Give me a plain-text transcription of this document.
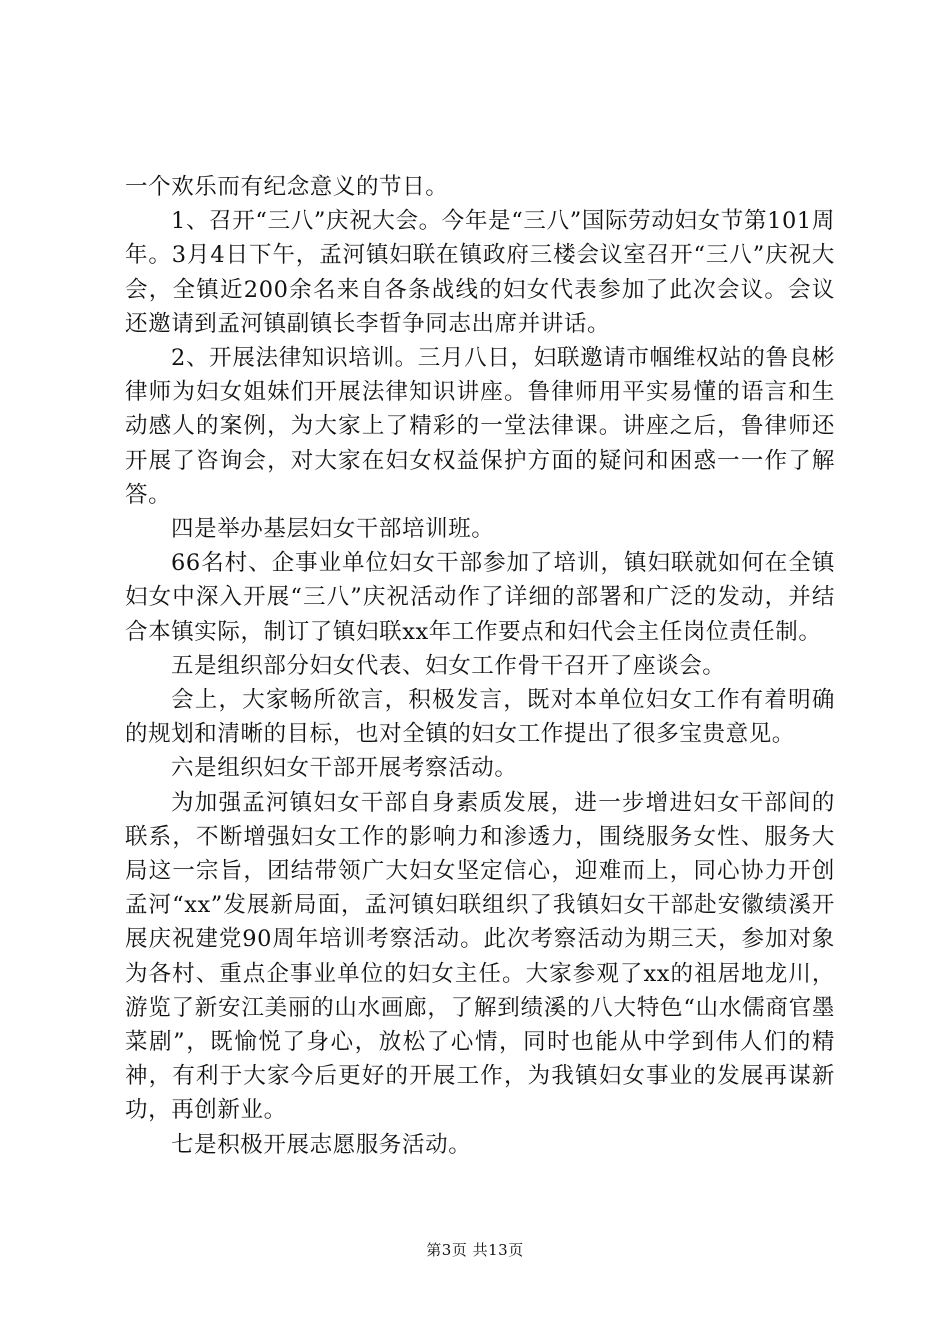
一个欢乐而有纪念意义的节日。

1、召开“三八”庆祝大会。今年是“三八”国际劳动妇女节第101周年。3月4日下午，孟河镇妇联在镇政府三楼会议室召开“三八”庆祝大会，全镇近200余名来自各条战线的妇女代表参加了此次会议。会议还邀请到孟河镇副镇长李晢争同志出席并讲话。

2、开展法律知识培训。三月八日，妇联邀请市帼维权站的鲁良彬律师为妇女姐妹们开展法律知识讲座。鲁律师用平实易懂的语言和生动感人的案例，为大家上了精彩的一堂法律课。讲座之后，鲁律师还开展了咨询会，对大家在妇女权益保护方面的疑问和困惑一一作了解答。

四是举办基层妇女干部培训班。

66名村、企事业单位妇女干部参加了培训，镇妇联就如何在全镇妇女中深入开展“三八”庆祝活动作了详细的部署和广泛的发动，并结合本镇实际，制订了镇妇联xx年工作要点和妇代会主任岗位责任制。

五是组织部分妇女代表、妇女工作骨干召开了座谈会。

会上，大家畅所欲言，积极发言，既对本单位妇女工作有着明确的规划和清晰的目标，也对全镇的妇女工作提出了很多宝贵意见。

六是组织妇女干部开展考察活动。

为加强孟河镇妇女干部自身素质发展，进一步增进妇女干部间的联系，不断增强妇女工作的影响力和渗透力，围绕服务女性、服务大局这一宗旨，团结带领广大妇女坚定信心，迎难而上，同心协力开创孟河“xx”发展新局面，孟河镇妇联组织了我镇妇女干部赴安徽绩溪开展庆祝建党90周年培训考察活动。此次考察活动为期三天，参加对象为各村、重点企事业单位的妇女主任。大家参观了xx的祖居地龙川，游览了新安江美丽的山水画廊，了解到绩溪的八大特色“山水儒商官墨菜剧”，既愉悦了身心，放松了心情，同时也能从中学到伟人们的精神，有利于大家今后更好的开展工作，为我镇妇女事业的发展再谋新功，再创新业。

七是积极开展志愿服务活动。

第3页 共13页
